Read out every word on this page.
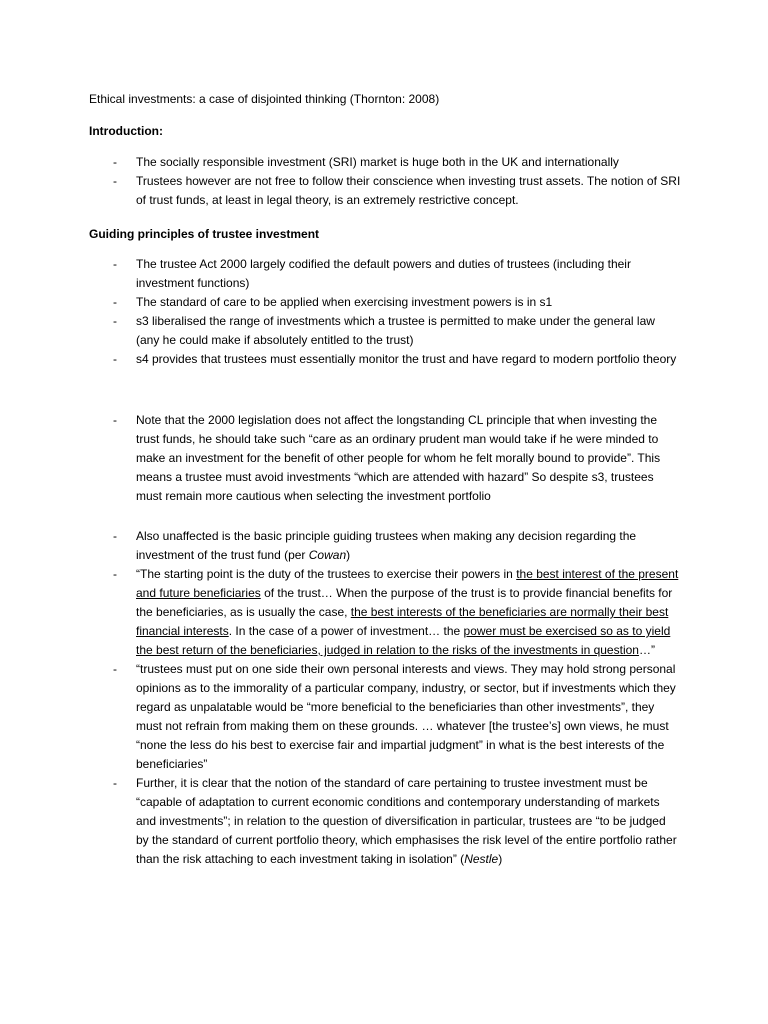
Ethical investments: a case of disjointed thinking (Thornton: 2008)

Introduction:

- The socially responsible investment (SRI) market is huge both in the UK and internationally
- Trustees however are not free to follow their conscience when investing trust assets. The notion of SRI of trust funds, at least in legal theory, is an extremely restrictive concept.

Guiding principles of trustee investment

- The trustee Act 2000 largely codified the default powers and duties of trustees (including their investment functions)
- The standard of care to be applied when exercising investment powers is in s1
- s3 liberalised the range of investments which a trustee is permitted to make under the general law (any he could make if absolutely entitled to the trust)
- s4 provides that trustees must essentially monitor the trust and have regard to modern portfolio theory
- Note that the 2000 legislation does not affect the longstanding CL principle that when investing the trust funds, he should take such “care as an ordinary prudent man would take if he were minded to make an investment for the benefit of other people for whom he felt morally bound to provide”. This means a trustee must avoid investments “which are attended with hazard” So despite s3, trustees must remain more cautious when selecting the investment portfolio
- Also unaffected is the basic principle guiding trustees when making any decision regarding the investment of the trust fund (per Cowan)
- “The starting point is the duty of the trustees to exercise their powers in the best interest of the present and future beneficiaries of the trust… When the purpose of the trust is to provide financial benefits for the beneficiaries, as is usually the case, the best interests of the beneficiaries are normally their best financial interests. In the case of a power of investment… the power must be exercised so as to yield the best return of the beneficiaries, judged in relation to the risks of the investments in question…”
- “trustees must put on one side their own personal interests and views. They may hold strong personal opinions as to the immorality of a particular company, industry, or sector, but if investments which they regard as unpalatable would be “more beneficial to the beneficiaries than other investments”, they must not refrain from making them on these grounds. … whatever [the trustee’s] own views, he must “none the less do his best to exercise fair and impartial judgment” in what is the best interests of the beneficiaries”
- Further, it is clear that the notion of the standard of care pertaining to trustee investment must be “capable of adaptation to current economic conditions and contemporary understanding of markets and investments”; in relation to the question of diversification in particular, trustees are “to be judged by the standard of current portfolio theory, which emphasises the risk level of the entire portfolio rather than the risk attaching to each investment taking in isolation” (Nestle)
